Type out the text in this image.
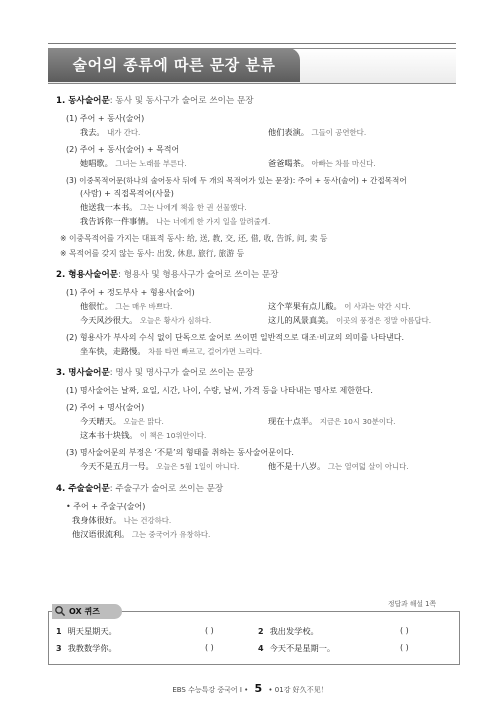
술어의 종류에 따른 문장 분류
1. 동사술어문: 동사 및 동사구가 술어로 쓰이는 문장
(1) 주어 + 동사(술어)
我去。 내가 간다.	他们表演。 그들이 공연한다.
(2) 주어 + 동사(술어) + 목적어
她唱歌。 그녀는 노래를 부른다.	爸爸喝茶。 아빠는 차를 마신다.
(3) 이중목적어문(하나의 술어동사 뒤에 두 개의 목적어가 있는 문장): 주어 + 동사(술어) + 간접목적어
(사람) + 직접목적어(사물)
他送我一本书。 그는 나에게 책을 한 권 선물했다.
我告诉你一件事情。 나는 너에게 한 가지 일을 알려줄게.
※ 이중목적어를 가지는 대표적 동사: 给, 送, 教, 交, 还, 借, 收, 告诉, 问, 卖 등
※ 목적어를 갖지 않는 동사: 出发, 休息, 旅行, 旅游 등
2. 형용사술어문: 형용사 및 형용사구가 술어로 쓰이는 문장
(1) 주어 + 정도부사 + 형용사(술어)
他很忙。 그는 매우 바쁘다.	这个苹果有点儿酸。 이 사과는 약간 시다.
今天风沙很大。 오늘은 황사가 심하다.	这儿的风景真美。 이곳의 풍경은 정말 아름답다.
(2) 형용사가 부사의 수식 없이 단독으로 술어로 쓰이면 일반적으로 대조·비교의 의미를 나타낸다.
坐车快，走路慢。 차를 타면 빠르고, 걸어가면 느리다.
3. 명사술어문: 명사 및 명사구가 술어로 쓰이는 문장
(1) 명사술어는 날짜, 요일, 시간, 나이, 수량, 날씨, 가격 등을 나타내는 명사로 제한한다.
(2) 주어 + 명사(술어)
今天晴天。 오늘은 맑다.	现在十点半。 지금은 10시 30분이다.
这本书十块钱。 이 책은 10위안이다.
(3) 명사술어문의 부정은 ‘不是’의 형태를 취하는 동사술어문이다.
今天不是五月一号。 오늘은 5월 1일이 아니다.	他不是十八岁。 그는 열여덟 살이 아니다.
4. 주술술어문: 주술구가 술어로 쓰이는 문장
• 주어 + 주술구(술어)
我身体很好。 나는 건강하다.
他汉语很流利。 그는 중국어가 유창하다.
정답과 해설 1쪽
OX 퀴즈
1 明天星期天。	( )	2 我出发学校。	( )
3 我教数学你。	( )	4 今天不是星期一。	( )
EBS 수능특강 중국어 I • 5 • 01강 好久不见！
